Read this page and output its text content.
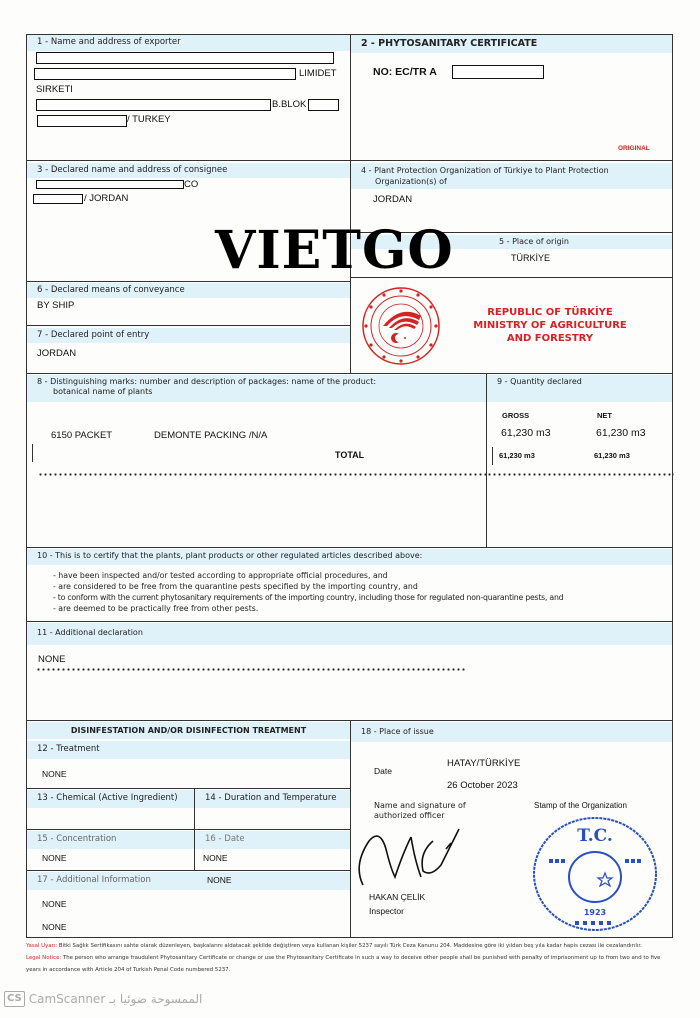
1 - Name and address of exporter
LIMIDET
SIRKETI
B.BLOK
/ TURKEY
2 - PHYTOSANITARY CERTIFICATE
NO: EC/TR A
ORIGINAL
3 - Declared name and address of consignee
CO
/ JORDAN
4 - Plant Protection Organization of Türkiye to Plant Protection
Organization(s) of
JORDAN
5 - Place of origin
TÜRKİYE
6 - Declared means of conveyance
BY SHIP
7 - Declared point of entry
JORDAN
REPUBLIC OF TÜRKİYE
MINISTRY OF AGRICULTURE
AND FORESTRY
8 - Distinguishing marks: number and description of packages: name of the product:
botanical name of plants
6150 PACKET	DEMONTE PACKING /N/A
TOTAL
9 - Quantity declared
GROSS	NET
61,230 m3	61,230 m3
61,230 m3	61,230 m3
10 - This is to certify that the plants, plant products or other regulated articles described above:
- have been inspected and/or tested according to appropriate official procedures, and
- are considered to be free from the quarantine pests specified by the importing country, and
- to conform with the current phytosanitary requirements of the importing country, including those for regulated non-quarantine pests, and
- are deemed to be practically free from other pests.
11 - Additional declaration
NONE
DISINFESTATION AND/OR DISINFECTION TREATMENT
12 - Treatment
NONE
13 - Chemical (Active Ingredient)	14 - Duration and Temperature
15 - Concentration
NONE
16 - Date
NONE
17 - Additional Information	NONE
NONE
NONE
18 - Place of issue
Date
HATAY/TÜRKİYE
26 October 2023
Name and signature of
authorized officer
Stamp of the Organization
HAKAN ÇELİK
Inspector
T.C.
1923
VIETGO
Yasal Uyarı: Bitki Sağlık Sertifikasını sahte olarak düzenleyen, başkalarını aldatacak şekilde değiştiren veya kullanan kişiler 5237 sayılı Türk Ceza Kanunu 204. Maddesine göre iki yıldan beş yıla kadar hapis cezası ile cezalandırılır.
Legal Notice: The person who arrange fraudulent Phytosanitary Certificate or change or use the Phytosanitary Certificate in such a way to deceive other people shall be punished with penalty of imprisonment up to from two and to five
years in accordance with Article 204 of Turkish Penal Code numbered 5237.
CS CamScanner الممسوحة ضوئيا بـ
